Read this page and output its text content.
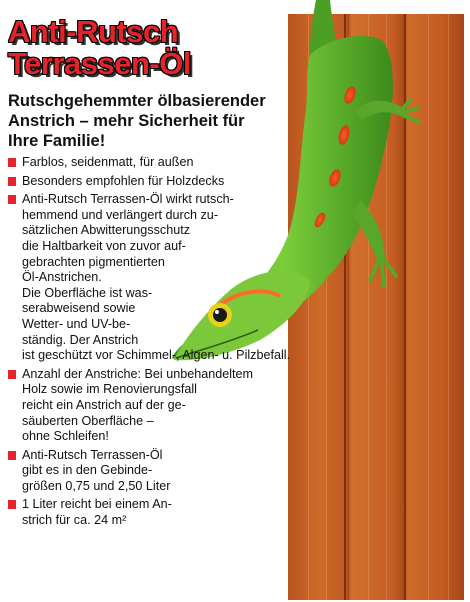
Anti-Rutsch
Terrassen-Öl
Rutschgehemmter ölbasierender
Anstrich – mehr Sicherheit für
Ihre Familie!
Farblos, seidenmatt, für außen
Besonders empfohlen für Holzdecks
Anti-Rutsch Terrassen-Öl wirkt rutsch-
hemmend und verlängert durch zu-
sätzlichen Abwitterungsschutz
die Haltbarkeit von zuvor auf-
gebrachten pigmentierten
Öl-Anstrichen.
Die Oberfläche ist was-
serabweisend sowie
Wetter- und UV-be-
ständig. Der Anstrich
ist geschützt vor Schimmel-, Algen- u. Pilzbefall.
Anzahl der Anstriche: Bei unbehandeltem
Holz sowie im Renovierungsfall
reicht ein Anstrich auf der ge-
säuberten Oberfläche –
ohne Schleifen!
Anti-Rutsch Terrassen-Öl
gibt es in den Gebinde-
größen 0,75 und 2,50 Liter
1 Liter reicht bei einem An-
strich für ca. 24 m²
